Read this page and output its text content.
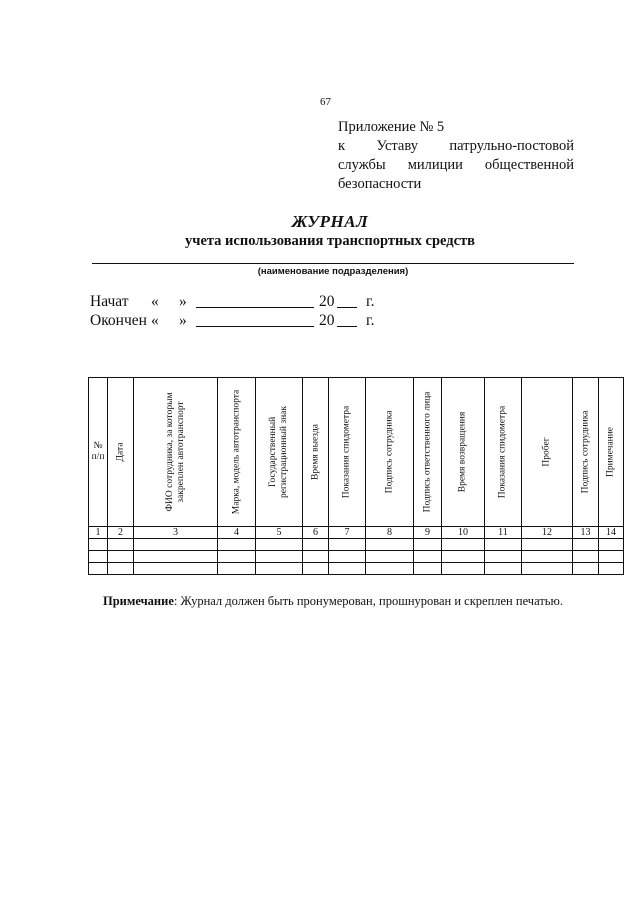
67
Приложение № 5
к Уставу патрульно-постовой
службы милиции общественной
безопасности
ЖУРНАЛ
учета использования транспортных средств
(наименование подразделения)
Начат « »	20 г.
Окончен « »	20 г.
№ п/п	Дата	ФИО сотрудника, за которым закреплен автотранспорт	Марка, модель автотранспорта	Государственный регистрационный знак	Время выезда	Показания спидометра	Подпись сотрудника	Подпись ответственного лица	Время возвращения	Показания спидометра	Пробег	Подпись сотрудника	Примечание

1	2	3	4	5	6	7	8	9	10	11	12	13	14

Примечание: Журнал должен быть пронумерован, прошнурован и скреплен печатью.
